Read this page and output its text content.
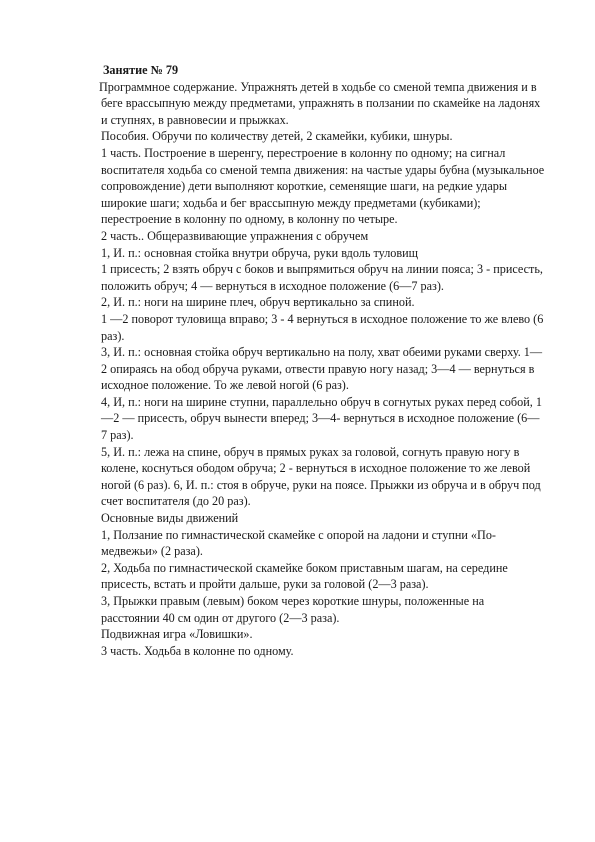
Занятие № 79

Программное содержание. Упражнять детей в ходьбе со сменой темпа движения и в беге врассыпную между предметами, упражнять в ползании по скамейке на ладонях и ступнях, в равновесии и прыжках.

Пособия. Обручи по количеству детей, 2 скамейки, кубики, шнуры.

1 часть. Построение в шеренгу, перестроение в колонну по одному; на сигнал воспитателя ходьба со сменой темпа движения: на частые удары бубна (музыкальное сопровождение) дети выполняют короткие, семенящие шаги, на редкие удары широкие шаги; ходьба и бег врассыпную между предметами (кубиками); перестроение в колонну по одному, в колонну по четыре.

2 часть.. Общеразвивающие упражнения с обручем

1, И. п.: основная стойка внутри обруча, руки вдоль туловищ

1 присесть; 2 взять обруч с боков и выпрямиться обруч на линии пояса; 3 - присесть, положить обруч; 4 — вернуться в исходное положение (6—7 раз).

2, И. п.: ноги на ширине плеч, обруч вертикально за спиной.

1 —2 поворот туловища вправо; 3 - 4 вернуться в исходное положение то же влево (6 раз).

3, И. п.: основная стойка обруч вертикально на полу, хват обеими руками сверху. 1—2 опираясь на обод обруча руками, отвести правую ногу назад; 3—4 — вернуться в исходное положение. То же левой ногой (6 раз).

4, И, п.: ноги на ширине ступни, параллельно обруч в согнутых руках перед собой, 1—2 — присесть, обруч вынести вперед; 3—4- вернуться в исходное положение (6—7 раз).

5, И. п.: лежа на спине, обруч в прямых руках за головой, согнуть правую ногу в колене, коснуться ободом обруча; 2 - вернуться в исходное положение то же левой ногой (6 раз). 6, И. п.: стоя в обруче, руки на поясе. Прыжки из обруча и в обруч под счет воспитателя (до 20 раз).

Основные виды движений

1, Ползание по гимнастической скамейке с опорой на ладони и ступни «По-медвежьи» (2 раза).

2, Ходьба по гимнастической скамейке боком приставным шагам, на середине присесть, встать и пройти дальше, руки за головой (2—3 раза).

3, Прыжки правым (левым) боком через короткие шнуры, положенные на расстоянии 40 см один от другого (2—3 раза).

Подвижная игра «Ловишки».

3 часть. Ходьба в колонне по одному.
